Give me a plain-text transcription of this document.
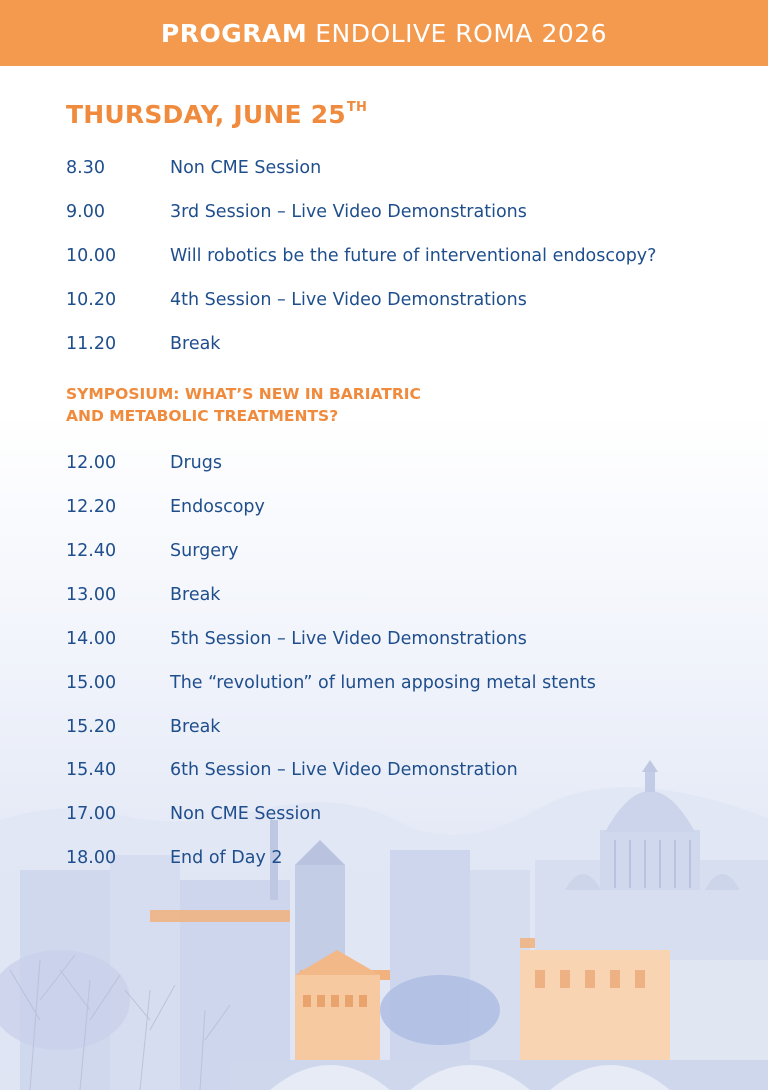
PROGRAM ENDOLIVE ROMA 2026
THURSDAY, JUNE 25TH
8.30	Non CME Session
9.00	3rd Session – Live Video Demonstrations
10.00	Will robotics be the future of interventional endoscopy?
10.20	4th Session – Live Video Demonstrations
11.20	Break
SYMPOSIUM: WHAT’S NEW IN BARIATRIC
AND METABOLIC TREATMENTS?
12.00	Drugs
12.20	Endoscopy
12.40	Surgery
13.00	Break
14.00	5th Session – Live Video Demonstrations
15.00	The “revolution” of lumen apposing metal stents
15.20	Break
15.40	6th Session – Live Video Demonstration
17.00	Non CME Session
18.00	End of Day 2
